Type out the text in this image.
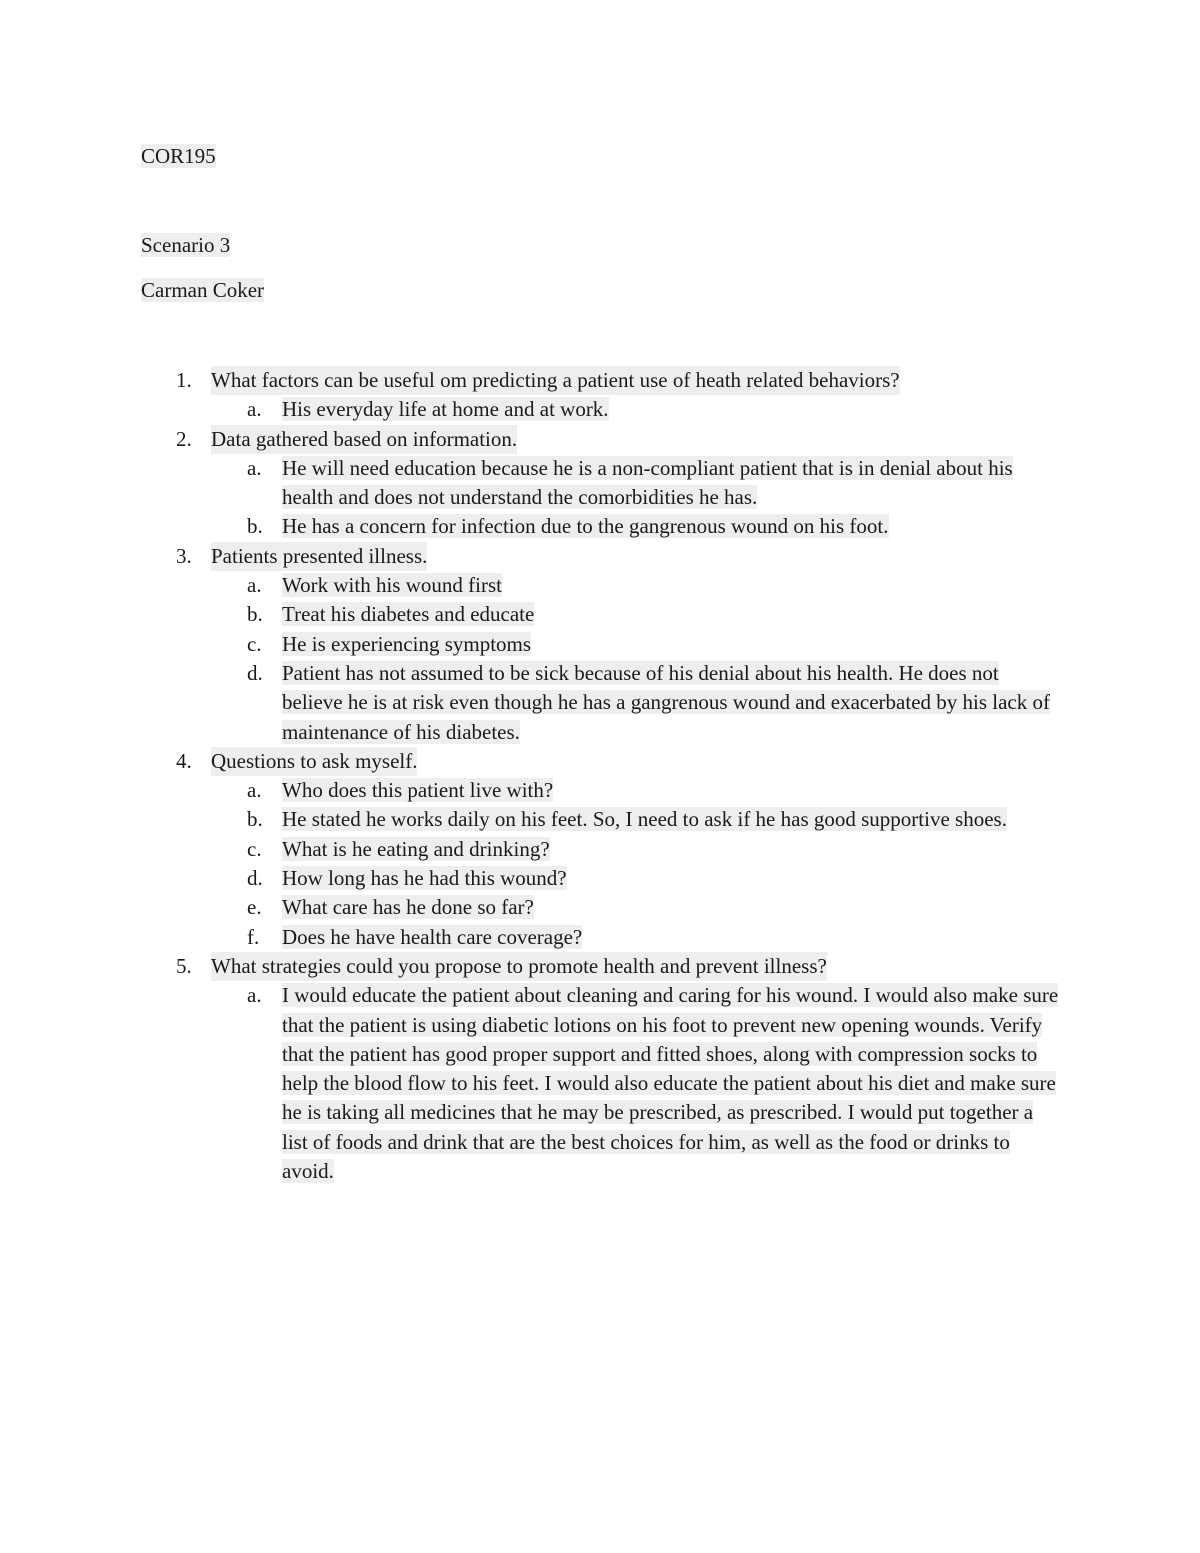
COR195
Scenario 3
Carman Coker
1. What factors can be useful om predicting a patient use of heath related behaviors?
a. His everyday life at home and at work.
2. Data gathered based on information.
a. He will need education because he is a non-compliant patient that is in denial about his health and does not understand the comorbidities he has.
b. He has a concern for infection due to the gangrenous wound on his foot.
3. Patients presented illness.
a. Work with his wound first
b. Treat his diabetes and educate
c. He is experiencing symptoms
d. Patient has not assumed to be sick because of his denial about his health. He does not believe he is at risk even though he has a gangrenous wound and exacerbated by his lack of maintenance of his diabetes.
4. Questions to ask myself.
a. Who does this patient live with?
b. He stated he works daily on his feet. So, I need to ask if he has good supportive shoes.
c. What is he eating and drinking?
d. How long has he had this wound?
e. What care has he done so far?
f. Does he have health care coverage?
5. What strategies could you propose to promote health and prevent illness?
a. I would educate the patient about cleaning and caring for his wound. I would also make sure that the patient is using diabetic lotions on his foot to prevent new opening wounds. Verify that the patient has good proper support and fitted shoes, along with compression socks to help the blood flow to his feet. I would also educate the patient about his diet and make sure he is taking all medicines that he may be prescribed, as prescribed. I would put together a list of foods and drink that are the best choices for him, as well as the food or drinks to avoid.
